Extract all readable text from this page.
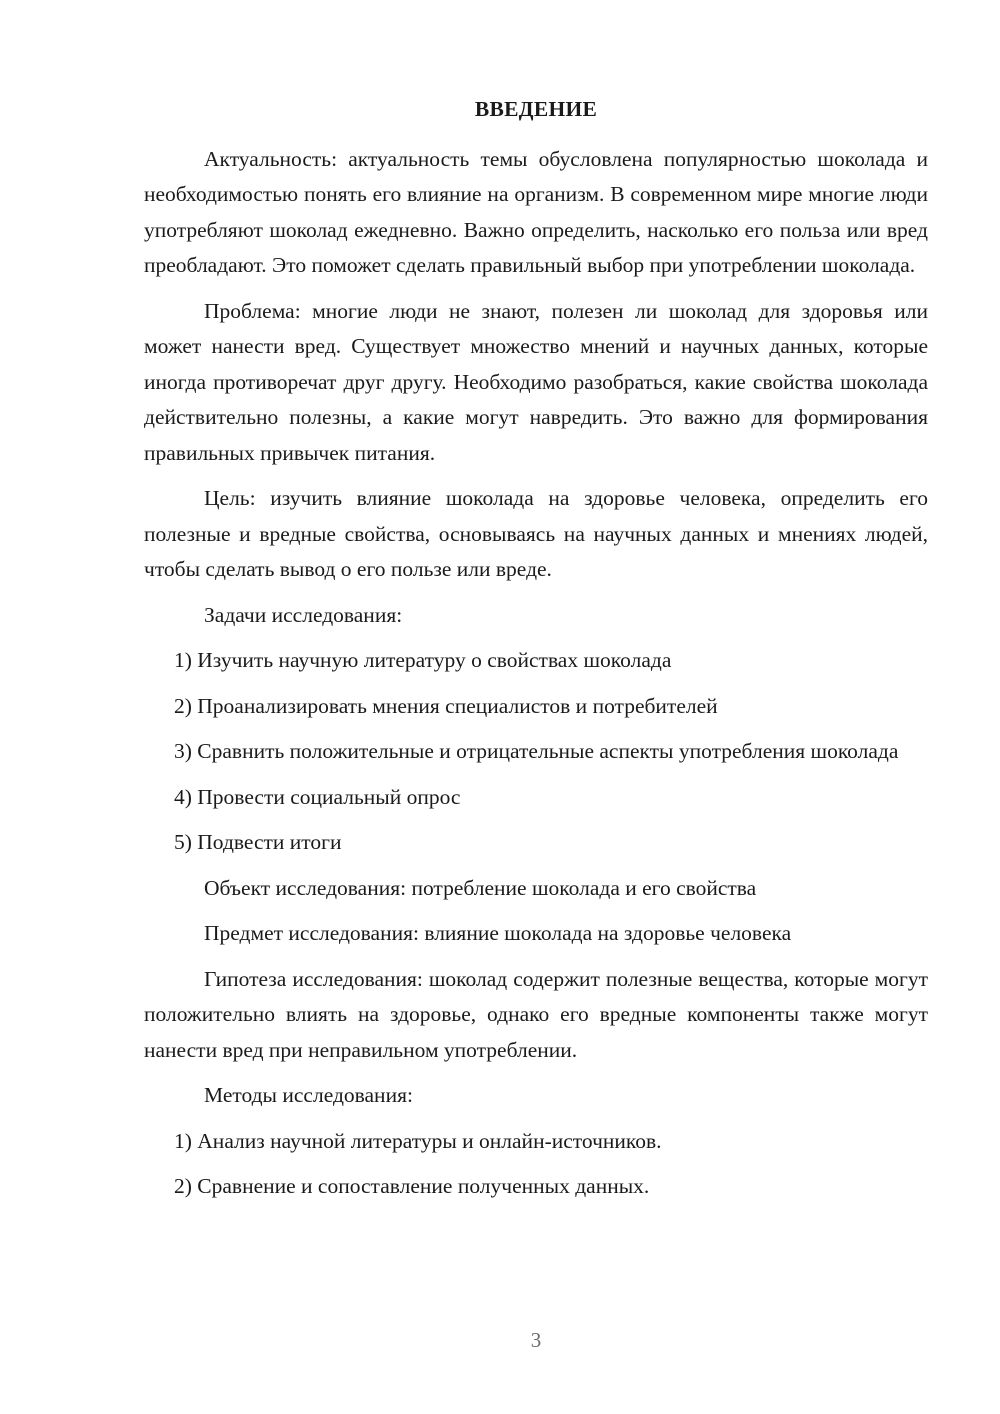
ВВЕДЕНИЕ

Актуальность: актуальность темы обусловлена популярностью шоколада и необходимостью понять его влияние на организм. В современном мире многие люди употребляют шоколад ежедневно. Важно определить, насколько его польза или вред преобладают. Это поможет сделать правильный выбор при употреблении шоколада.

Проблема: многие люди не знают, полезен ли шоколад для здоровья или может нанести вред. Существует множество мнений и научных данных, которые иногда противоречат друг другу. Необходимо разобраться, какие свойства шоколада действительно полезны, а какие могут навредить. Это важно для формирования правильных привычек питания.

Цель: изучить влияние шоколада на здоровье человека, определить его полезные и вредные свойства, основываясь на научных данных и мнениях людей, чтобы сделать вывод о его пользе или вреде.

Задачи исследования:

1) Изучить научную литературу о свойствах шоколада

2) Проанализировать мнения специалистов и потребителей

3) Сравнить положительные и отрицательные аспекты употребления шоколада

4) Провести социальный опрос

5) Подвести итоги

Объект исследования: потребление шоколада и его свойства

Предмет исследования: влияние шоколада на здоровье человека

Гипотеза исследования: шоколад содержит полезные вещества, которые могут положительно влиять на здоровье, однако его вредные компоненты также могут нанести вред при неправильном употреблении.

Методы исследования:

1) Анализ научной литературы и онлайн-источников.

2) Сравнение и сопоставление полученных данных.

3
